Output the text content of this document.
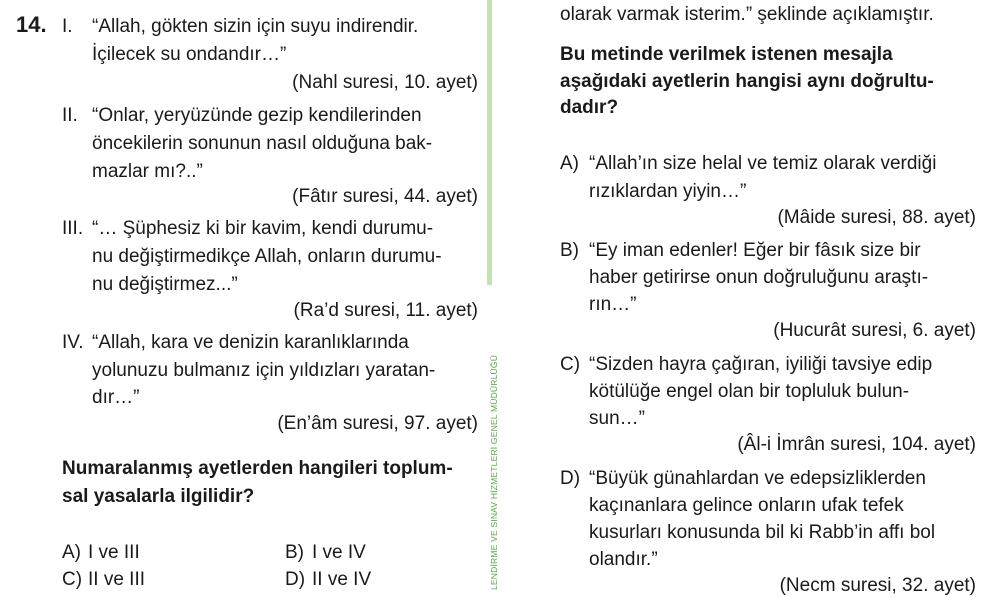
14. I. “Allah, gökten sizin için suyu indirendir.
İçilecek su ondandır…”
(Nahl suresi, 10. ayet)
II. “Onlar, yeryüzünde gezip kendilerinden
öncekilerin sonunun nasıl olduğuna bak-
mazlar mı?..”
(Fâtır suresi, 44. ayet)
III. “… Şüphesiz ki bir kavim, kendi durumu-
nu değiştirmedikçe Allah, onların durumu-
nu değiştirmez...”
(Ra’d suresi, 11. ayet)
IV. “Allah, kara ve denizin karanlıklarında
yolunuzu bulmanız için yıldızları yaratan-
dır…”
(En’âm suresi, 97. ayet)
Numaralanmış ayetlerden hangileri toplum-
sal yasalarla ilgilidir?
A) I ve III	B) I ve IV
C) II ve III	D) II ve IV	LENDİRME VE SINAV HİZMETLERİ GENEL MÜDÜRLÜĞÜ
olarak varmak isterim.” şeklinde açıklamıştır.
Bu metinde verilmek istenen mesajla
aşağıdaki ayetlerin hangisi aynı doğrultu-
dadır?
A) “Allah’ın size helal ve temiz olarak verdiği
rızıklardan yiyin…”
(Mâide suresi, 88. ayet)
B) “Ey iman edenler! Eğer bir fâsık size bir
haber getirirse onun doğruluğunu araştı-
rın…”
(Hucurât suresi, 6. ayet)
C) “Sizden hayra çağıran, iyiliği tavsiye edip
kötülüğe engel olan bir topluluk bulun-
sun…”
(Âl-i İmrân suresi, 104. ayet)
D) “Büyük günahlardan ve edepsizliklerden
kaçınanlara gelince onların ufak tefek
kusurları konusunda bil ki Rabb’in affı bol
olandır.”
(Necm suresi, 32. ayet)
